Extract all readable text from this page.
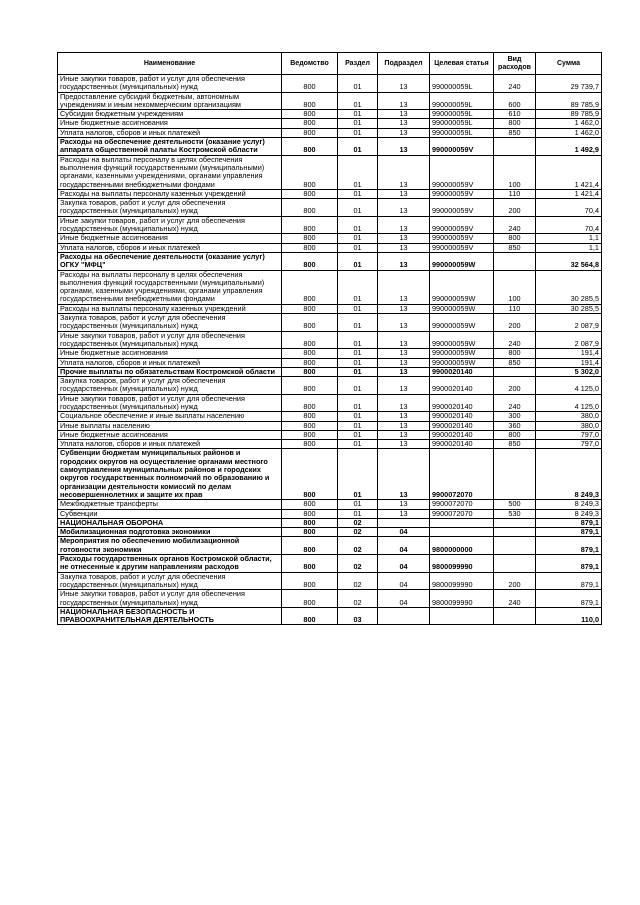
Наименование	Ведомство	Раздел	Подраздел	Целевая статья	Вид расходов	Сумма
Иные закупки товаров, работ и услуг для обеспечения государственных (муниципальных) нужд	800	01	13	990000059L	240	29 739,7
Предоставление субсидий бюджетным, автономным учреждениям и иным некоммерческим организациям	800	01	13	990000059L	600	89 785,9
Субсидии бюджетным учреждениям	800	01	13	990000059L	610	89 785,9
Иные бюджетные ассигнования	800	01	13	990000059L	800	1 462,0
Уплата налогов, сборов и иных платежей	800	01	13	990000059L	850	1 462,0
Расходы на обеспечение деятельности (оказание услуг) аппарата общественной палаты Костромской области	800	01	13	990000059V		1 492,9
Расходы на выплаты персоналу в целях обеспечения выполнения функций государственными (муниципальными) органами, казенными учреждениями, органами управления государственными внебюджетными фондами	800	01	13	990000059V	100	1 421,4
Расходы на выплаты персоналу казенных учреждений	800	01	13	990000059V	110	1 421,4
Закупка товаров, работ и услуг для обеспечения государственных (муниципальных) нужд	800	01	13	990000059V	200	70,4
Иные закупки товаров, работ и услуг для обеспечения государственных (муниципальных) нужд	800	01	13	990000059V	240	70,4
Иные бюджетные ассигнования	800	01	13	990000059V	800	1,1
Уплата налогов, сборов и иных платежей	800	01	13	990000059V	850	1,1
Расходы на обеспечение деятельности (оказание услуг) ОГКУ "МФЦ"	800	01	13	990000059W		32 564,8
Расходы на выплаты персоналу в целях обеспечения выполнения функций государственными (муниципальными) органами, казенными учреждениями, органами управления государственными внебюджетными фондами	800	01	13	990000059W	100	30 285,5
Расходы на выплаты персоналу казенных учреждений	800	01	13	990000059W	110	30 285,5
Закупка товаров, работ и услуг для обеспечения государственных (муниципальных) нужд	800	01	13	990000059W	200	2 087,9
Иные закупки товаров, работ и услуг для обеспечения государственных (муниципальных) нужд	800	01	13	990000059W	240	2 087,9
Иные бюджетные ассигнования	800	01	13	990000059W	800	191,4
Уплата налогов, сборов и иных платежей	800	01	13	990000059W	850	191,4
Прочие выплаты по обязательствам Костромской области	800	01	13	9900020140		5 302,0
Закупка товаров, работ и услуг для обеспечения государственных (муниципальных) нужд	800	01	13	9900020140	200	4 125,0
Иные закупки товаров, работ и услуг для обеспечения государственных (муниципальных) нужд	800	01	13	9900020140	240	4 125,0
Социальное обеспечение и иные выплаты населению	800	01	13	9900020140	300	380,0
Иные выплаты населению	800	01	13	9900020140	360	380,0
Иные бюджетные ассигнования	800	01	13	9900020140	800	797,0
Уплата налогов, сборов и иных платежей	800	01	13	9900020140	850	797,0
Субвенции бюджетам муниципальных районов и городских округов на осуществление органами местного самоуправления муниципальных районов и городских округов государственных полномочий по образованию и организации деятельности комиссий по делам несовершеннолетних и защите их прав	800	01	13	9900072070		8 249,3
Межбюджетные трансферты	800	01	13	9900072070	500	8 249,3
Субвенции	800	01	13	9900072070	530	8 249,3
НАЦИОНАЛЬНАЯ ОБОРОНА	800	02				879,1
Мобилизационная подготовка экономики	800	02	04			879,1
Мероприятия по обеспечению мобилизационной готовности экономики	800	02	04	9800000000		879,1
Расходы государственных органов Костромской области, не отнесенные к другим направлениям расходов	800	02	04	9800099990		879,1
Закупка товаров, работ и услуг для обеспечения государственных (муниципальных) нужд	800	02	04	9800099990	200	879,1
Иные закупки товаров, работ и услуг для обеспечения государственных (муниципальных) нужд	800	02	04	9800099990	240	879,1
НАЦИОНАЛЬНАЯ БЕЗОПАСНОСТЬ И ПРАВООХРАНИТЕЛЬНАЯ ДЕЯТЕЛЬНОСТЬ	800	03				110,0
